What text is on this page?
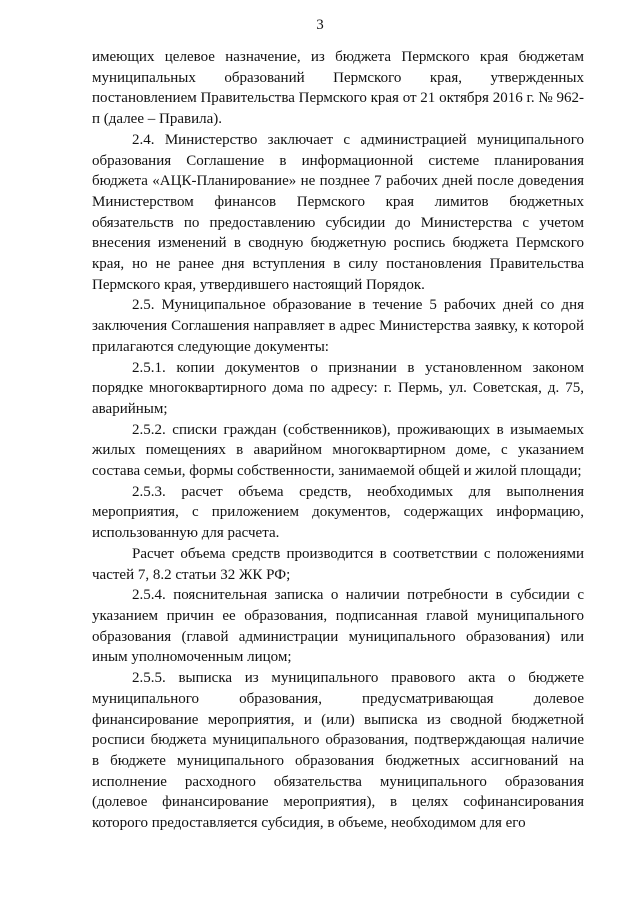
3

имеющих целевое назначение, из бюджета Пермского края бюджетам муниципальных образований Пермского края, утвержденных постановлением Правительства Пермского края от 21 октября 2016 г. № 962-п (далее – Правила).

2.4. Министерство заключает с администрацией муниципального образования Соглашение в информационной системе планирования бюджета «АЦК-Планирование» не позднее 7 рабочих дней после доведения Министерством финансов Пермского края лимитов бюджетных обязательств по предоставлению субсидии до Министерства с учетом внесения изменений в сводную бюджетную роспись бюджета Пермского края, но не ранее дня вступления в силу постановления Правительства Пермского края, утвердившего настоящий Порядок.

2.5. Муниципальное образование в течение 5 рабочих дней со дня заключения Соглашения направляет в адрес Министерства заявку, к которой прилагаются следующие документы:

2.5.1. копии документов о признании в установленном законом порядке многоквартирного дома по адресу: г. Пермь, ул. Советская, д. 75, аварийным;

2.5.2. списки граждан (собственников), проживающих в изымаемых жилых помещениях в аварийном многоквартирном доме, с указанием состава семьи, формы собственности, занимаемой общей и жилой площади;

2.5.3. расчет объема средств, необходимых для выполнения мероприятия, с приложением документов, содержащих информацию, использованную для расчета.

Расчет объема средств производится в соответствии с положениями частей 7, 8.2 статьи 32 ЖК РФ;

2.5.4. пояснительная записка о наличии потребности в субсидии с указанием причин ее образования, подписанная главой муниципального образования (главой администрации муниципального образования) или иным уполномоченным лицом;

2.5.5. выписка из муниципального правового акта о бюджете муниципального образования, предусматривающая долевое финансирование мероприятия, и (или) выписка из сводной бюджетной росписи бюджета муниципального образования, подтверждающая наличие в бюджете муниципального образования бюджетных ассигнований на исполнение расходного обязательства муниципального образования (долевое финансирование мероприятия), в целях софинансирования которого предоставляется субсидия, в объеме, необходимом для его
